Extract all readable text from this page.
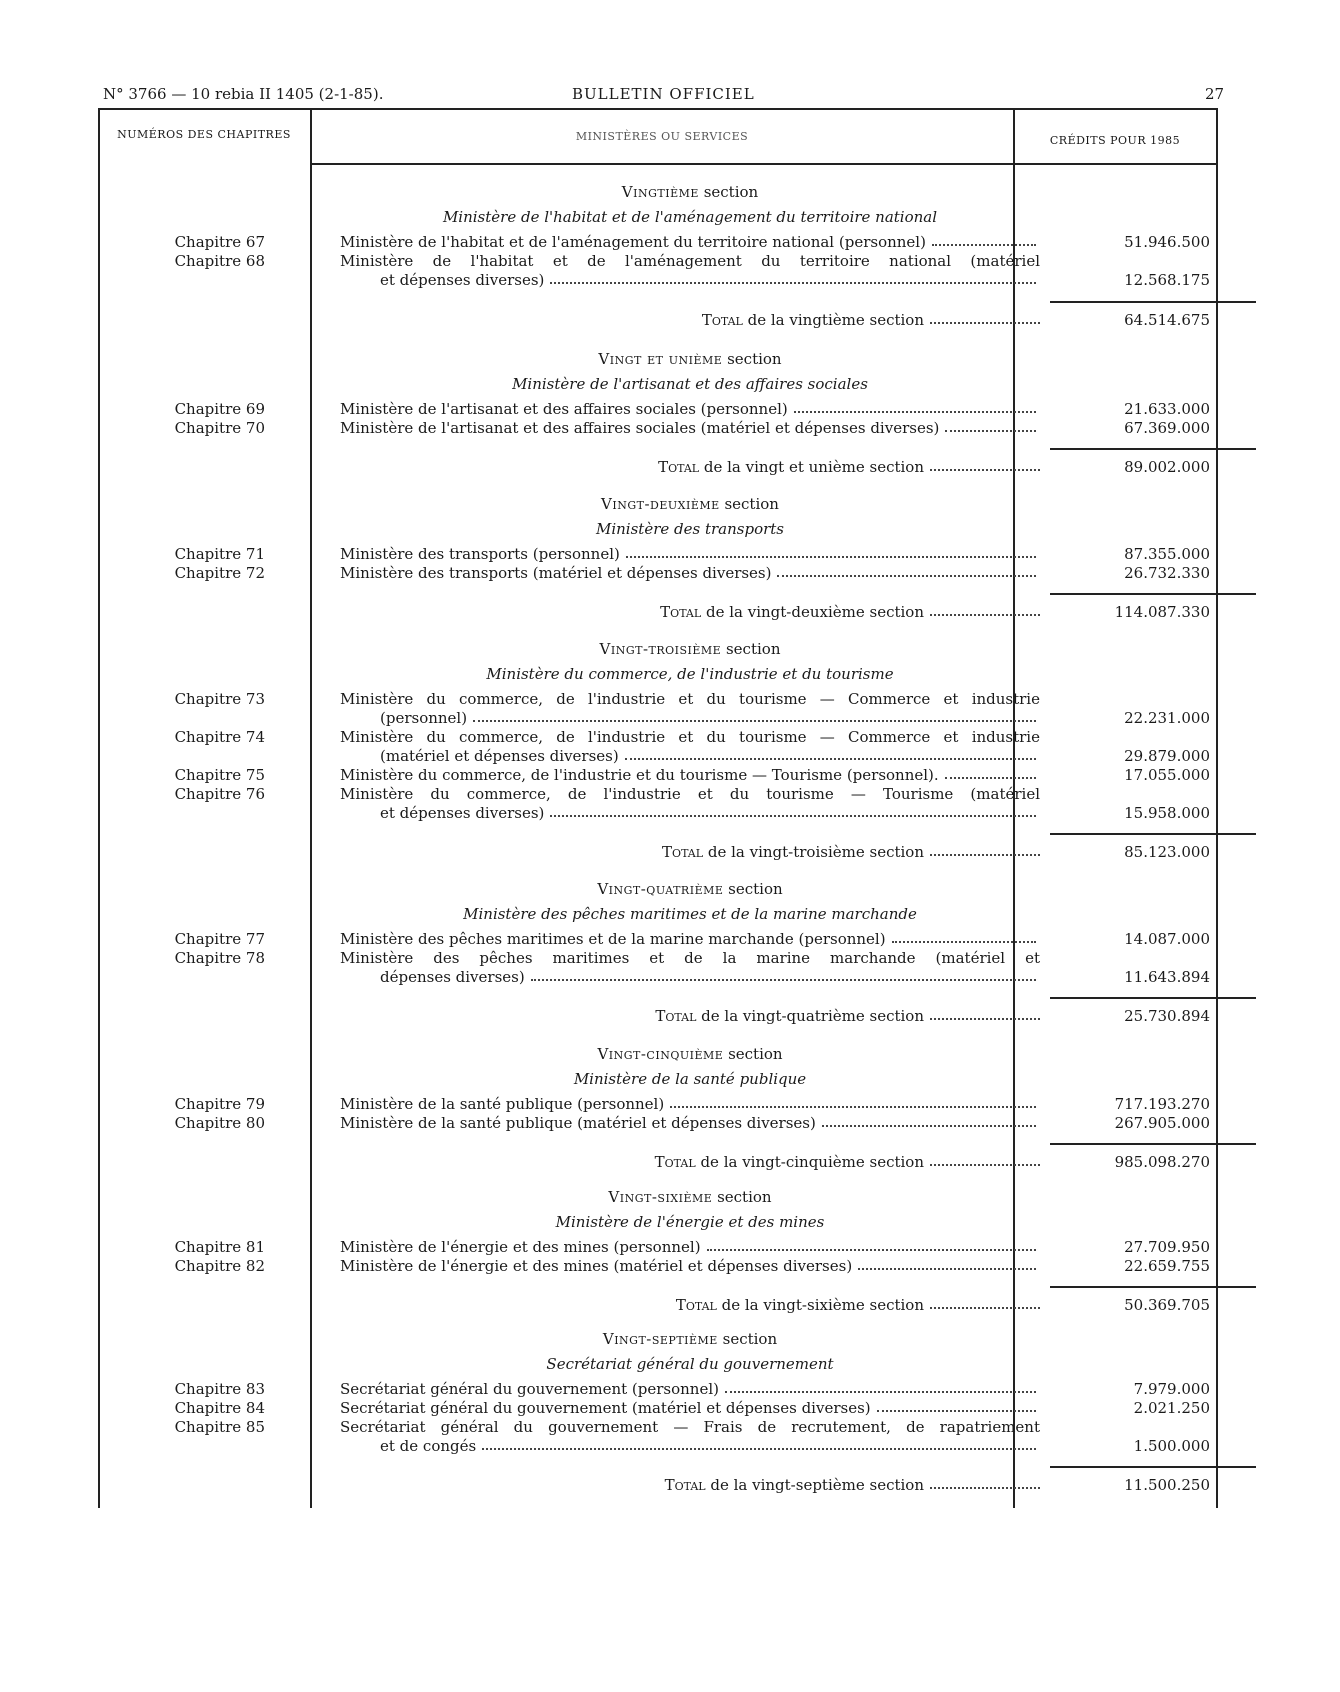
N° 3766 — 10 rebia II 1405 (2-1-85).	BULLETIN OFFICIEL	27
NUMÉROS DES CHAPITRES	MINISTÈRES OU SERVICES	CRÉDITS POUR 1985
Vingtième section
Ministère de l'habitat et de l'aménagement du territoire national
Chapitre 67	Ministère de l'habitat et de l'aménagement du territoire national (personnel)	51.946.500
Chapitre 68	Ministère de l'habitat et de l'aménagement du territoire national (matériel
et dépenses diverses)	12.568.175
Total de la vingtième section	64.514.675
Vingt et unième section
Ministère de l'artisanat et des affaires sociales
Chapitre 69	Ministère de l'artisanat et des affaires sociales (personnel)	21.633.000
Chapitre 70	Ministère de l'artisanat et des affaires sociales (matériel et dépenses diverses)	67.369.000
Total de la vingt et unième section	89.002.000
Vingt-deuxième section
Ministère des transports
Chapitre 71	Ministère des transports (personnel)	87.355.000
Chapitre 72	Ministère des transports (matériel et dépenses diverses)	26.732.330
Total de la vingt-deuxième section	114.087.330
Vingt-troisième section
Ministère du commerce, de l'industrie et du tourisme
Chapitre 73	Ministère du commerce, de l'industrie et du tourisme — Commerce et industrie
(personnel)	22.231.000
Chapitre 74	Ministère du commerce, de l'industrie et du tourisme — Commerce et industrie
(matériel et dépenses diverses)	29.879.000
Chapitre 75	Ministère du commerce, de l'industrie et du tourisme — Tourisme (personnel).	17.055.000
Chapitre 76	Ministère du commerce, de l'industrie et du tourisme — Tourisme (matériel
et dépenses diverses)	15.958.000
Total de la vingt-troisième section	85.123.000
Vingt-quatrième section
Ministère des pêches maritimes et de la marine marchande
Chapitre 77	Ministère des pêches maritimes et de la marine marchande (personnel)	14.087.000
Chapitre 78	Ministère des pêches maritimes et de la marine marchande (matériel et
dépenses diverses)	11.643.894
Total de la vingt-quatrième section	25.730.894
Vingt-cinquième section
Ministère de la santé publique
Chapitre 79	Ministère de la santé publique (personnel)	717.193.270
Chapitre 80	Ministère de la santé publique (matériel et dépenses diverses)	267.905.000
Total de la vingt-cinquième section	985.098.270
Vingt-sixième section
Ministère de l'énergie et des mines
Chapitre 81	Ministère de l'énergie et des mines (personnel)	27.709.950
Chapitre 82	Ministère de l'énergie et des mines (matériel et dépenses diverses)	22.659.755
Total de la vingt-sixième section	50.369.705
Vingt-septième section
Secrétariat général du gouvernement
Chapitre 83	Secrétariat général du gouvernement (personnel)	7.979.000
Chapitre 84	Secrétariat général du gouvernement (matériel et dépenses diverses)	2.021.250
Chapitre 85	Secrétariat général du gouvernement — Frais de recrutement, de rapatriement
et de congés	1.500.000
Total de la vingt-septième section	11.500.250
